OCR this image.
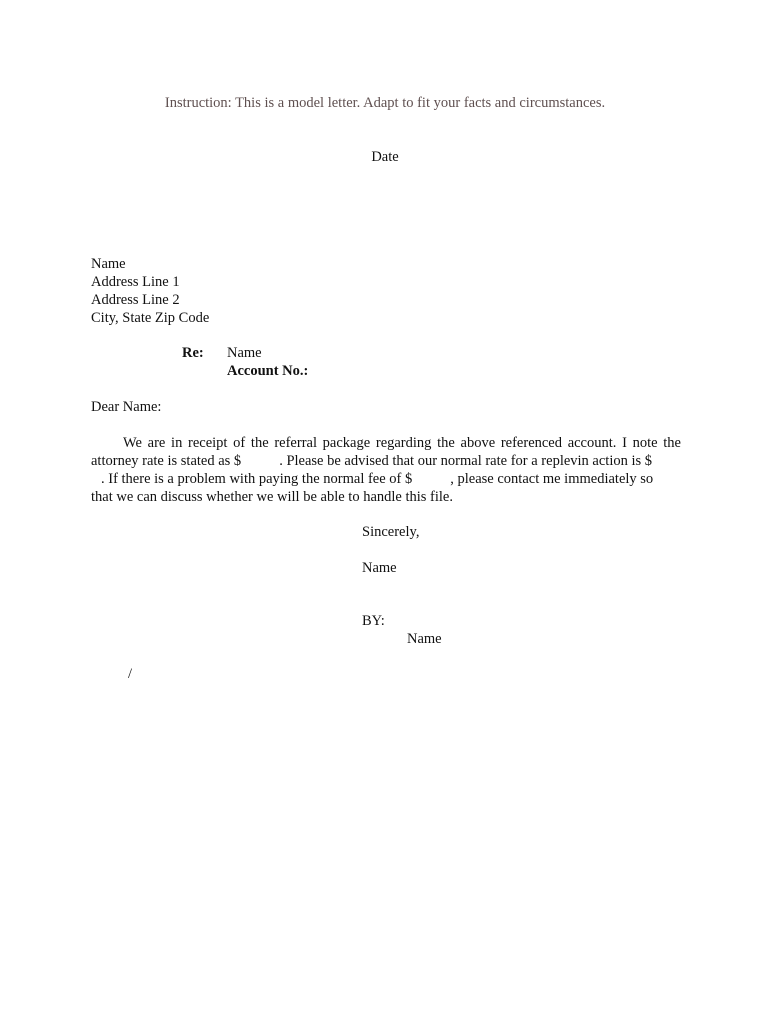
Instruction: This is a model letter. Adapt to fit your facts and circumstances.
Date
Name
Address Line 1
Address Line 2
City, State Zip Code
Re: Name
Account No.:
Dear Name:
We are in receipt of the referral package regarding the above referenced account. I note the
attorney rate is stated as $	. Please be advised that our normal rate for a replevin action is $
. If there is a problem with paying the normal fee of $	, please contact me immediately so
that we can discuss whether we will be able to handle this file.
Sincerely,
Name
BY:
Name
/
